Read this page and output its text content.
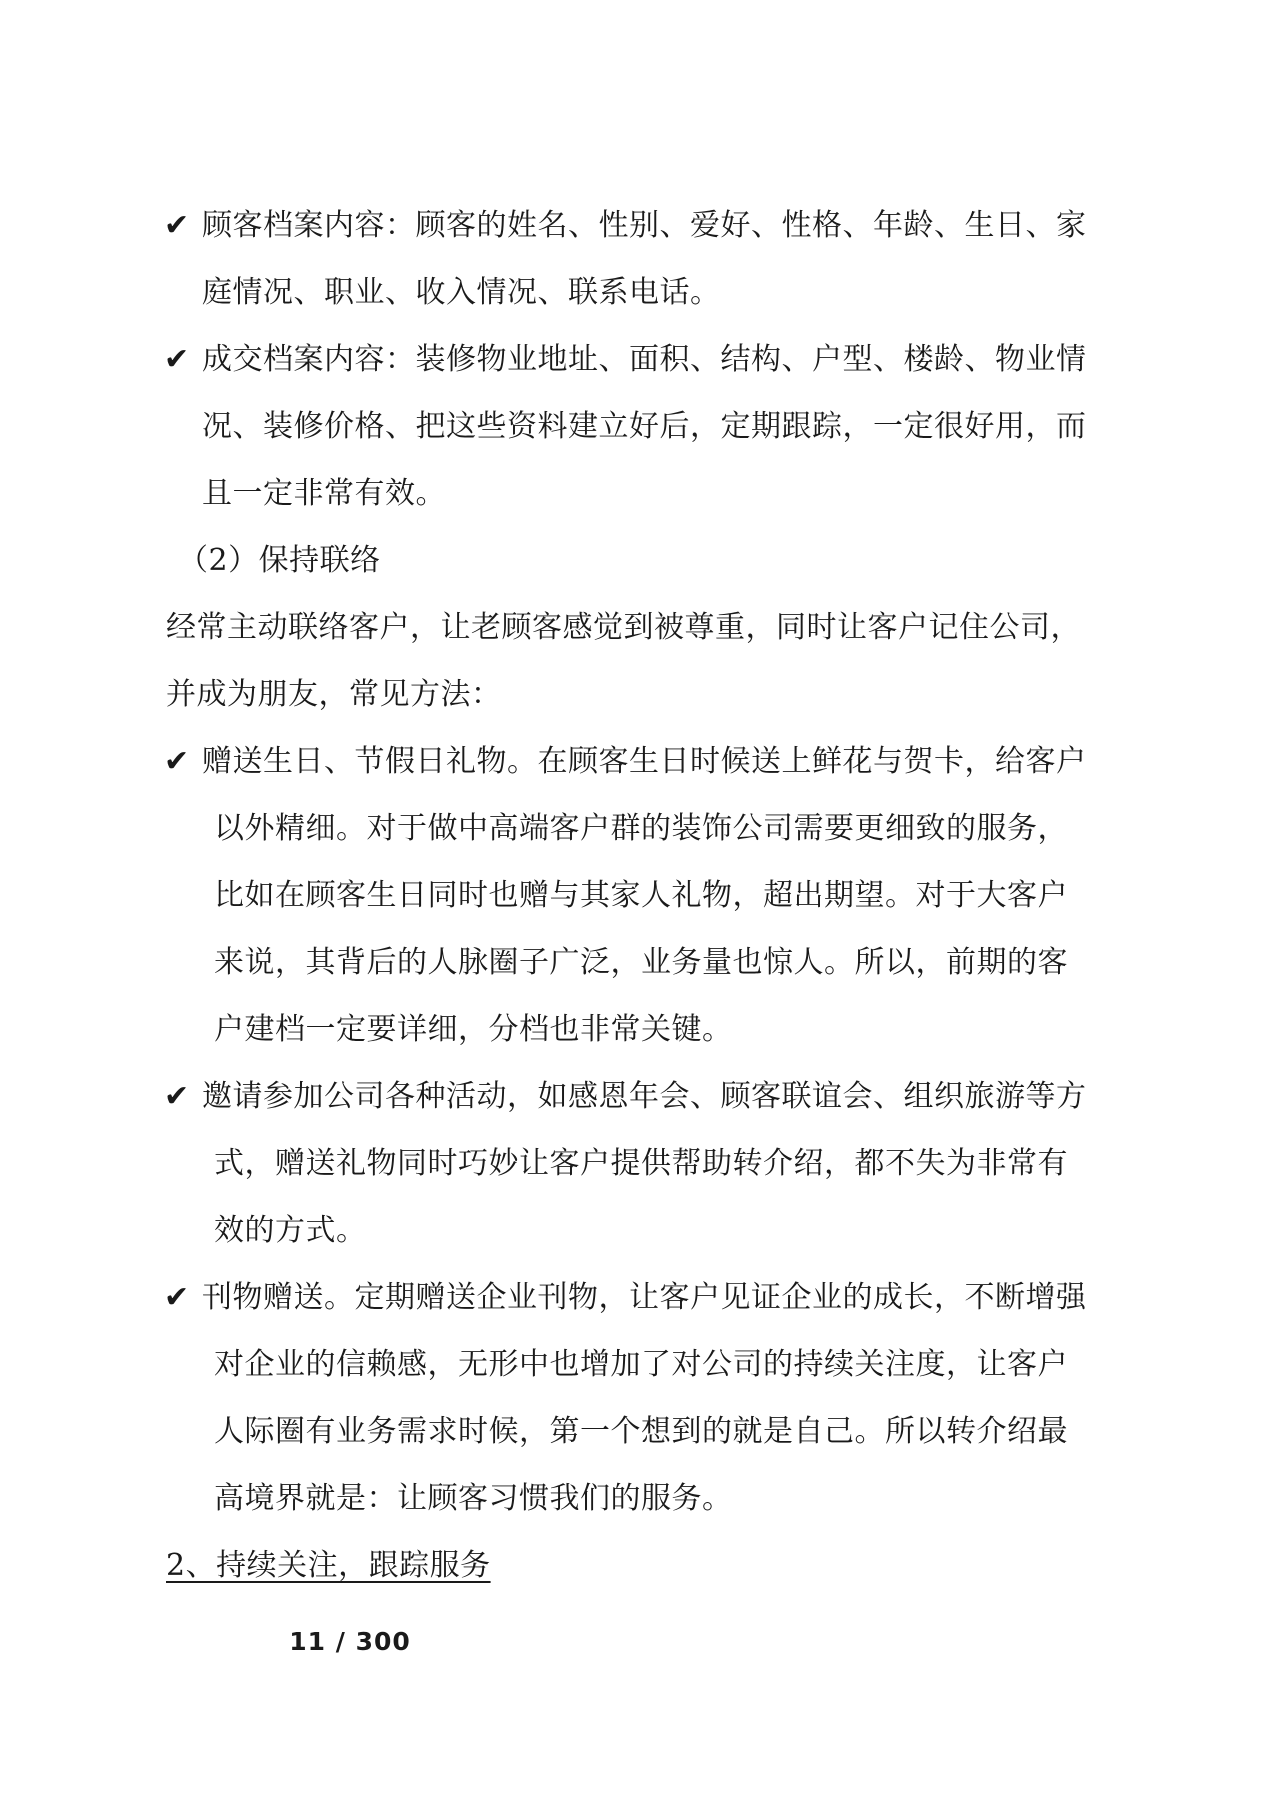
✔ 顾客档案内容：顾客的姓名、性别、爱好、性格、年龄、生日、家
庭情况、职业、收入情况、联系电话。
✔ 成交档案内容：装修物业地址、面积、结构、户型、楼龄、物业情
况、装修价格、把这些资料建立好后，定期跟踪，一定很好用，而
且一定非常有效。
（2）保持联络
经常主动联络客户，让老顾客感觉到被尊重，同时让客户记住公司，
并成为朋友，常见方法：
✔ 赠送生日、节假日礼物。在顾客生日时候送上鲜花与贺卡，给客户
以外精细。对于做中高端客户群的装饰公司需要更细致的服务，
比如在顾客生日同时也赠与其家人礼物，超出期望。对于大客户
来说，其背后的人脉圈子广泛，业务量也惊人。所以，前期的客
户建档一定要详细，分档也非常关键。
✔ 邀请参加公司各种活动，如感恩年会、顾客联谊会、组织旅游等方
式，赠送礼物同时巧妙让客户提供帮助转介绍，都不失为非常有
效的方式。
✔ 刊物赠送。定期赠送企业刊物，让客户见证企业的成长，不断增强
对企业的信赖感，无形中也增加了对公司的持续关注度，让客户
人际圈有业务需求时候，第一个想到的就是自己。所以转介绍最
高境界就是：让顾客习惯我们的服务。
2、持续关注，跟踪服务
11 / 300
